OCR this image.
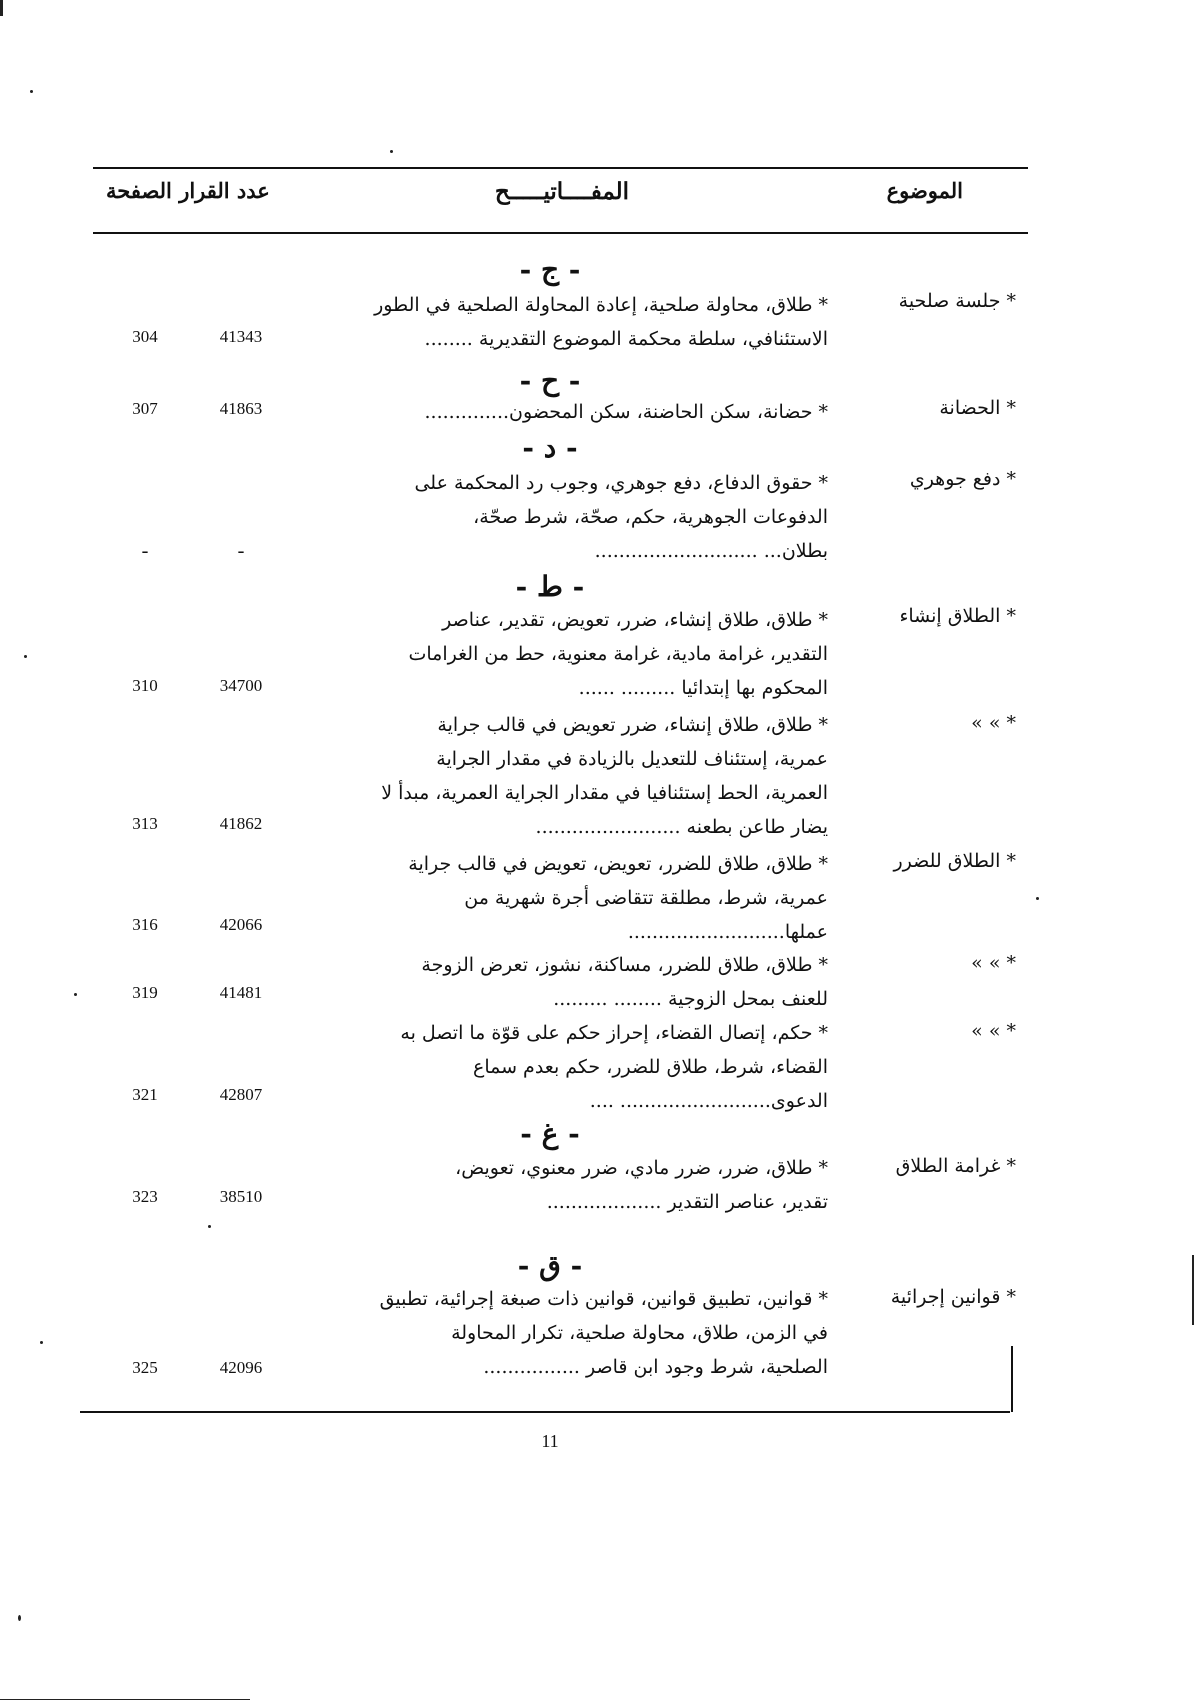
الموضوع
المفــــاتيـــــح
عدد القرار الصفحة
- ج -
- ح -
- د -
- ط -
- غ -
- ق -
* جلسة صلحية
* طلاق، محاولة صلحية، إعادة المحاولة الصلحية في الطور
الاستئنافي، سلطة محكمة الموضوع التقديرية ........
41343
304
* الحضانة
* حضانة، سكن الحاضنة، سكن المحضون..............
41863
307
* دفع جوهري
* حقوق الدفاع، دفع جوهري، وجوب رد المحكمة على
الدفوعات الجوهرية، حكم، صحّة، شرط صحّة،
بطلان... ...........................
ـ
ـ
* الطلاق إنشاء
* طلاق، طلاق إنشاء، ضرر، تعويض، تقدير، عناصر
التقدير، غرامة مادية، غرامة معنوية، حط من الغرامات
المحكوم بها إبتدائيا ......... ......
34700
310
* » »
* طلاق، طلاق إنشاء، ضرر تعويض في قالب جراية
عمرية، إستئناف للتعديل بالزيادة في مقدار الجراية
العمرية، الحط إستئنافيا في مقدار الجراية العمرية، مبدأ لا
يضار طاعن بطعنه ........................
41862
313
* الطلاق للضرر
* طلاق، طلاق للضرر، تعويض، تعويض في قالب جراية
عمرية، شرط، مطلقة تتقاضى أجرة شهرية من
عملها..........................
42066
316
* » »
* طلاق، طلاق للضرر، مساكنة، نشوز، تعرض الزوجة
للعنف بمحل الزوجية ........ .........
41481
319
* » »
* حكم، إتصال القضاء، إحراز حكم على قوّة ما اتصل به
القضاء، شرط، طلاق للضرر، حكم بعدم سماع
الدعوى......................... ....
42807
321
* غرامة الطلاق
* طلاق، ضرر، ضرر مادي، ضرر معنوي، تعويض،
تقدير، عناصر التقدير ...................
38510
323
* قوانين إجرائية
* قوانين، تطبيق قوانين، قوانين ذات صبغة إجرائية، تطبيق
في الزمن، طلاق، محاولة صلحية، تكرار المحاولة
الصلحية، شرط وجود ابن قاصر ................
42096
325
11
